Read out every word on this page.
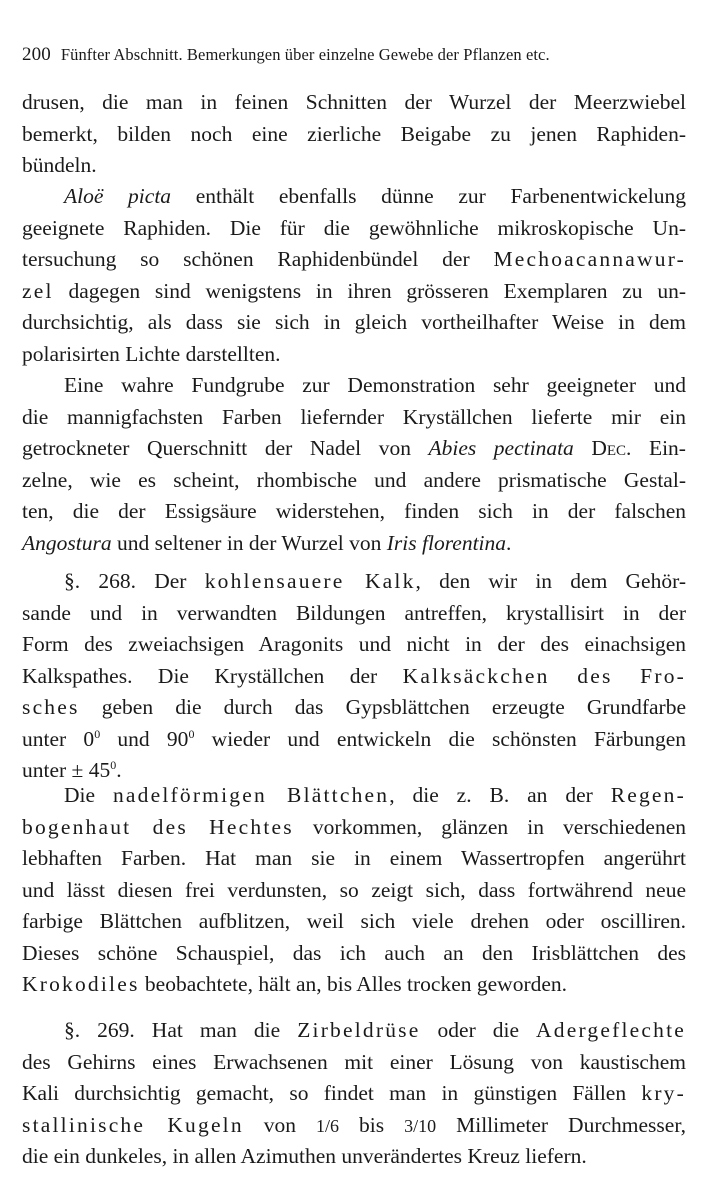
200 Fünfter Abschnitt. Bemerkungen über einzelne Gewebe der Pflanzen etc.
drusen, die man in feinen Schnitten der Wurzel der Meerzwiebel
bemerkt, bilden noch eine zierliche Beigabe zu jenen Raphiden-
bündeln.
Aloë picta enthält ebenfalls dünne zur Farbenentwickelung
geeignete Raphiden. Die für die gewöhnliche mikroskopische Un-
tersuchung so schönen Raphidenbündel der Mechoacannawur-
zel dagegen sind wenigstens in ihren grösseren Exemplaren zu un-
durchsichtig, als dass sie sich in gleich vortheilhafter Weise in dem
polarisirten Lichte darstellten.
Eine wahre Fundgrube zur Demonstration sehr geeigneter und
die mannigfachsten Farben liefernder Kryställchen lieferte mir ein
getrockneter Querschnitt der Nadel von Abies pectinata Dec. Ein-
zelne, wie es scheint, rhombische und andere prismatische Gestal-
ten, die der Essigsäure widerstehen, finden sich in der falschen
Angostura und seltener in der Wurzel von Iris florentina.
§. 268. Der kohlensauere Kalk, den wir in dem Gehör-
sande und in verwandten Bildungen antreffen, krystallisirt in der
Form des zweiachsigen Aragonits und nicht in der des einachsigen
Kalkspathes. Die Kryställchen der Kalksäckchen des Fro-
sches geben die durch das Gypsblättchen erzeugte Grundfarbe
unter $0^0$ und $90^0$ wieder und entwickeln die schönsten Färbungen
unter ± $45^0$.
Die nadelförmigen Blättchen, die z. B. an der Regen-
bogenhaut des Hechtes vorkommen, glänzen in verschiedenen
lebhaften Farben. Hat man sie in einem Wassertropfen angerührt
und lässt diesen frei verdunsten, so zeigt sich, dass fortwährend neue
farbige Blättchen aufblitzen, weil sich viele drehen oder oscilliren.
Dieses schöne Schauspiel, das ich auch an den Irisblättchen des
Krokodiles beobachtete, hält an, bis Alles trocken geworden.
§. 269. Hat man die Zirbeldrüse oder die Adergeflechte
des Gehirns eines Erwachsenen mit einer Lösung von kaustischem
Kali durchsichtig gemacht, so findet man in günstigen Fällen kry-
stallinische Kugeln von 1/6 bis 3/10 Millimeter Durchmesser,
die ein dunkeles, in allen Azimuthen unverändertes Kreuz liefern.
